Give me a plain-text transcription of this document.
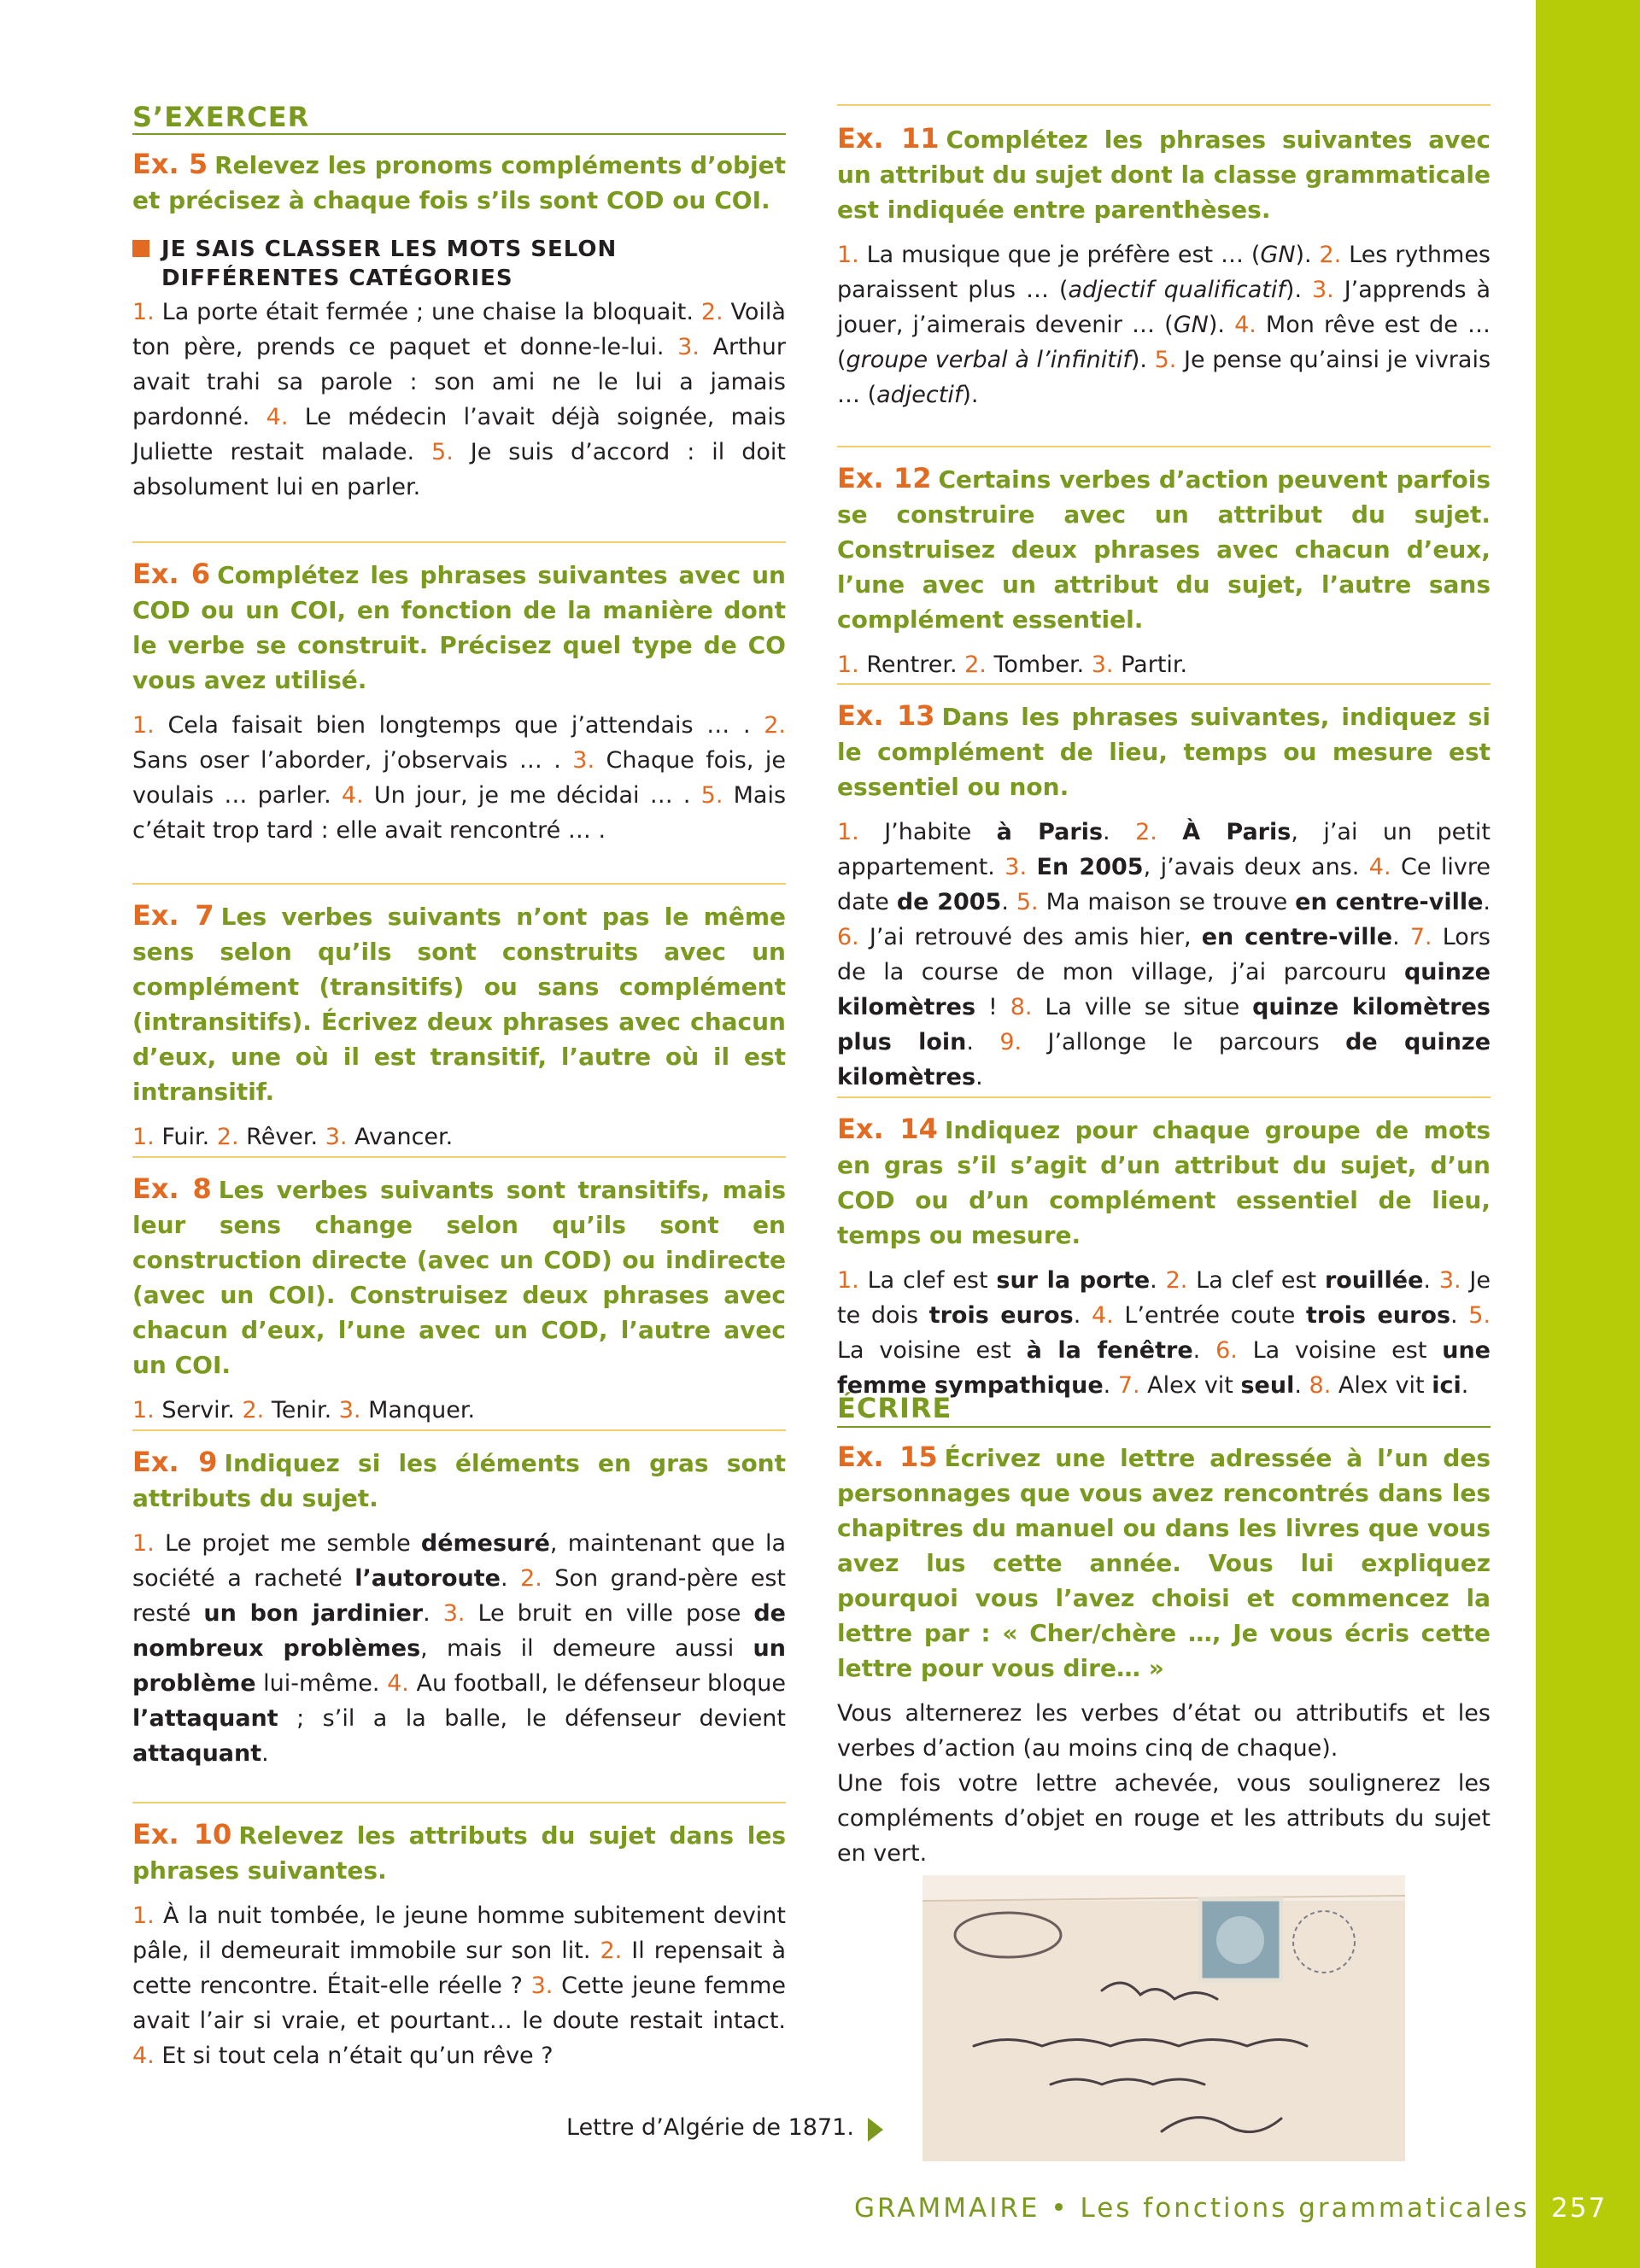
S’EXERCER
Ex. 5 Relevez les pronoms compléments d’objet et précisez à chaque fois s’ils sont COD ou COI.
JE SAIS CLASSER LES MOTS SELON DIFFÉRENTES CATÉGORIES
1. La porte était fermée ; une chaise la bloquait. 2. Voilà ton père, prends ce paquet et donne-le-lui. 3. Arthur avait trahi sa parole : son ami ne le lui a jamais pardonné. 4. Le médecin l’avait déjà soignée, mais Juliette restait malade. 5. Je suis d’accord : il doit absolument lui en parler.
Ex. 6 Complétez les phrases suivantes avec un COD ou un COI, en fonction de la manière dont le verbe se construit. Précisez quel type de CO vous avez utilisé.
1. Cela faisait bien longtemps que j’attendais … . 2. Sans oser l’aborder, j’observais … . 3. Chaque fois, je voulais … parler. 4. Un jour, je me décidai … . 5. Mais c’était trop tard : elle avait rencontré … .
Ex. 7 Les verbes suivants n’ont pas le même sens selon qu’ils sont construits avec un complément (transitifs) ou sans complément (intransitifs). Écrivez deux phrases avec chacun d’eux, une où il est transitif, l’autre où il est intransitif.
1. Fuir. 2. Rêver. 3. Avancer.
Ex. 8 Les verbes suivants sont transitifs, mais leur sens change selon qu’ils sont en construction directe (avec un COD) ou indirecte (avec un COI). Construisez deux phrases avec chacun d’eux, l’une avec un COD, l’autre avec un COI.
1. Servir. 2. Tenir. 3. Manquer.
Ex. 9 Indiquez si les éléments en gras sont attributs du sujet.
1. Le projet me semble démesuré, maintenant que la société a racheté l’autoroute. 2. Son grand-père est resté un bon jardinier. 3. Le bruit en ville pose de nombreux problèmes, mais il demeure aussi un problème lui-même. 4. Au football, le défenseur bloque l’attaquant ; s’il a la balle, le défenseur devient attaquant.
Ex. 10 Relevez les attributs du sujet dans les phrases suivantes.
1. À la nuit tombée, le jeune homme subitement devint pâle, il demeurait immobile sur son lit. 2. Il repensait à cette rencontre. Était-elle réelle ? 3. Cette jeune femme avait l’air si vraie, et pourtant… le doute restait intact. 4. Et si tout cela n’était qu’un rêve ?
Ex. 11 Complétez les phrases suivantes avec un attribut du sujet dont la classe grammaticale est indiquée entre parenthèses.
1. La musique que je préfère est … (GN). 2. Les rythmes paraissent plus … (adjectif qualificatif). 3. J’apprends à jouer, j’aimerais devenir … (GN). 4. Mon rêve est de … (groupe verbal à l’infinitif). 5. Je pense qu’ainsi je vivrais … (adjectif).
Ex. 12 Certains verbes d’action peuvent parfois se construire avec un attribut du sujet. Construisez deux phrases avec chacun d’eux, l’une avec un attribut du sujet, l’autre sans complément essentiel.
1. Rentrer. 2. Tomber. 3. Partir.
Ex. 13 Dans les phrases suivantes, indiquez si le complément de lieu, temps ou mesure est essentiel ou non.
1. J’habite à Paris. 2. À Paris, j’ai un petit appartement. 3. En 2005, j’avais deux ans. 4. Ce livre date de 2005. 5. Ma maison se trouve en centre-ville. 6. J’ai retrouvé des amis hier, en centre-ville. 7. Lors de la course de mon village, j’ai parcouru quinze kilomètres ! 8. La ville se situe quinze kilomètres plus loin. 9. J’allonge le parcours de quinze kilomètres.
Ex. 14 Indiquez pour chaque groupe de mots en gras s’il s’agit d’un attribut du sujet, d’un COD ou d’un complément essentiel de lieu, temps ou mesure.
1. La clef est sur la porte. 2. La clef est rouillée. 3. Je te dois trois euros. 4. L’entrée coute trois euros. 5. La voisine est à la fenêtre. 6. La voisine est une femme sympathique. 7. Alex vit seul. 8. Alex vit ici.
ÉCRIRE
Ex. 15 Écrivez une lettre adressée à l’un des personnages que vous avez rencontrés dans les chapitres du manuel ou dans les livres que vous avez lus cette année. Vous lui expliquez pourquoi vous l’avez choisi et commencez la lettre par : « Cher/chère …, Je vous écris cette lettre pour vous dire… »
Vous alternerez les verbes d’état ou attributifs et les verbes d’action (au moins cinq de chaque).
Une fois votre lettre achevée, vous soulignerez les compléments d’objet en rouge et les attributs du sujet en vert.
Lettre d’Algérie de 1871.
GRAMMAIRE • Les fonctions grammaticales 257
